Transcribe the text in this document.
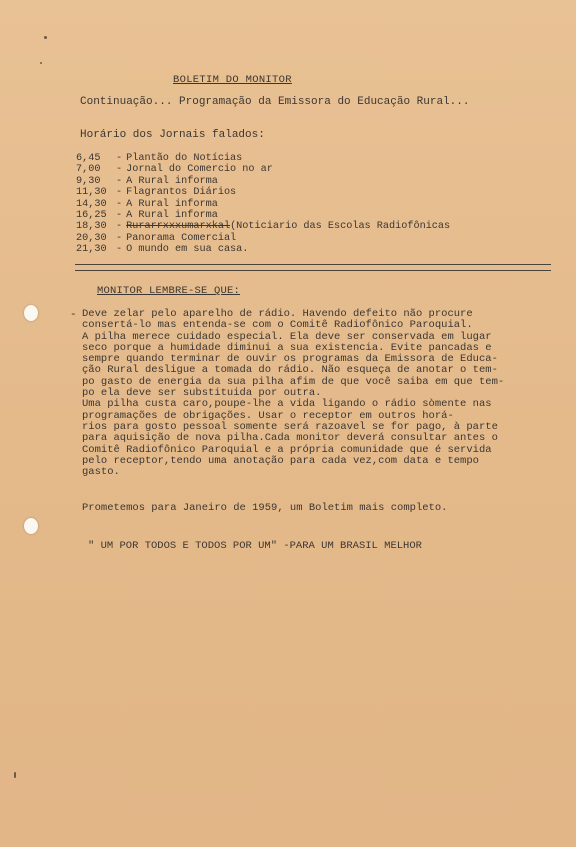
BOLETIM DO MONITOR
Continuação... Programação da Emissora do Educação Rural...
Horário dos Jornais falados:
6,45 - Plantão do Notícias
7,00 - Jornal do Comercio no ar
9,30 - A Rural informa
11,30 - Flagrantos Diários
14,30 - A Rural informa
16,25 - A Rural informa
18,30 - Rurarrxxxumarxkal(Noticiario das Escolas Radiofônicas
20,30 - Panorama Comercial
21,30 - O mundo em sua casa.
MONITOR LEMBRE-SE QUE:
- Deve zelar pelo aparelho de rádio. Havendo defeito não procure
consertá-lo mas entenda-se com o Comitê Radiofônico Paroquial.
A pilha merece cuidado especial. Ela deve ser conservada em lugar
seco porque a humidade diminui a sua existencia. Evite pancadas e
sempre quando terminar de ouvir os programas da Emissora de Educa-
ção Rural desligue a tomada do rádio. Não esqueça de anotar o tem-
po gasto de energia da sua pilha afim de que você saiba em que tem-
po ela deve ser substituida por outra.
Uma pilha custa caro,poupe-lhe a vida ligando o rádio sòmente nas
programações de obrigações. Usar o receptor em outros horá-
rios para gosto pessoal somente será razoavel se for pago, à parte
para aquisição de nova pilha.Cada monitor deverá consultar antes o
Comitê Radiofônico Paroquial e a própria comunidade que é servida
pelo receptor,tendo uma anotação para cada vez,com data e tempo
gasto.

Prometemos para Janeiro de 1959, um Boletim mais completo.
" UM POR TODOS E TODOS POR UM" -PARA UM BRASIL MELHOR
